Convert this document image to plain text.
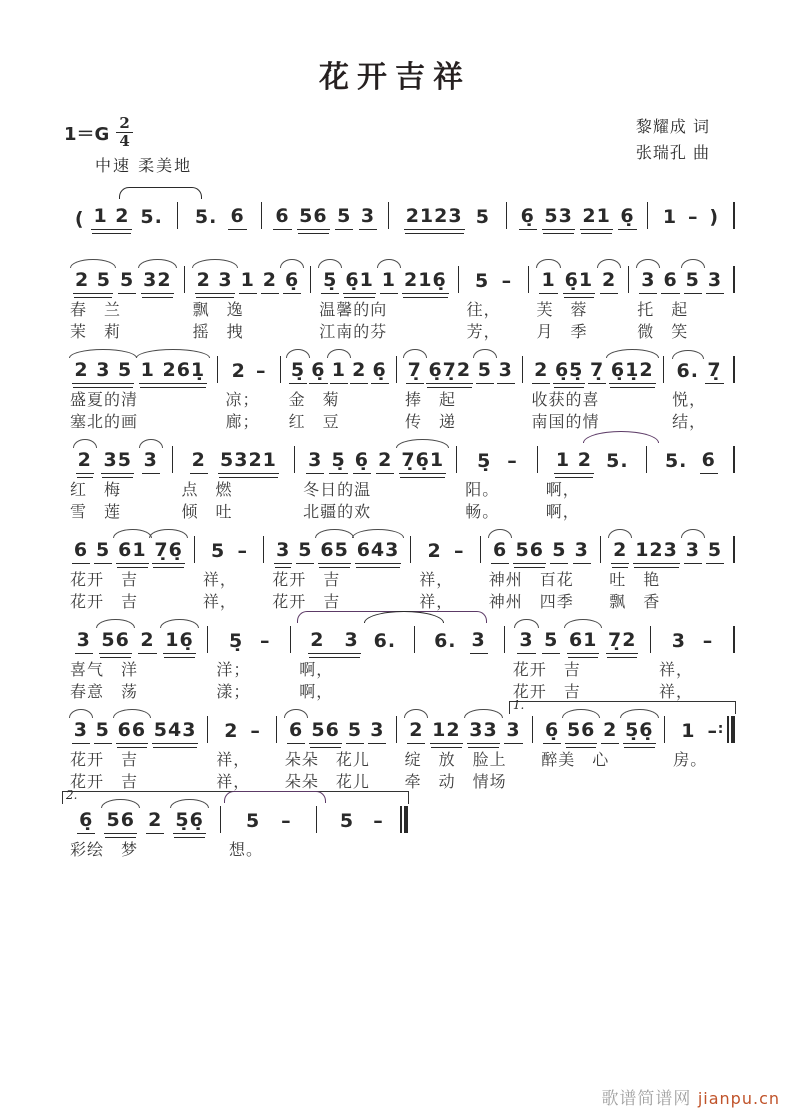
花开吉祥
$1=G \frac{2}{4}$
中速 柔美地
黎耀成 词
张瑞孔 曲
( 1 2 5. 5. 6 6 56 5 3 2123 5 6̣ 53 21 6̣ 1 – )
2 5 5 32
春　兰
茉　莉
2 3 1 2 6̣
飘　逸
摇　拽
5̣ 6̣1 1 216̣
温馨的向
江南的芬
5 –
往，
芳，
1 6̣1 2
芙　蓉
月　季
3 6 5 3
托　起
微　笑
2 3 5 1 261̣
盛夏的清
塞北的画
2 –
凉；
廊；
5̣ 6̣ 1 2 6̣
金　菊
红　豆
7̣ 6̣7̣2 5 3
捧　起
传　递
2 6̣5̣ 7̣ 6̣1̣2
收获的喜
南国的情
6. 7̣
悦，
结，
2 35 3
红　梅
雪　莲
2 5321
点　燃
倾　吐
3 5̣ 6̣ 2 7̣6̣1
冬日的温
北疆的欢
5̣ –
阳。
畅。
1 2 5.
啊，
啊，
5. 6
6 5 61 7̣6̣
花开　吉
花开　吉
5 –
祥，
祥，
3 5 65 643
花开　吉
花开　吉
2 –
祥，
祥，
6 56 5 3
神州　百花
神州　四季
2 123 3 5
吐　艳
飘　香
3 56 2 16̣
喜气　洋
春意　荡
5̣ –
洋；
漾；
2　3 6.
啊，
啊，
6. 3 3 5 61 7̣2
花开　吉
花开　吉
3 –
祥，
祥，
1.
3 5 66 543
花开　吉
花开　吉
2 –
祥，
祥，
6 56 5 3
朵朵　花儿
朵朵　花儿
2 12 33 3
绽　放　脸上
牵　动　情场
6̣ 56 2 5̣6̣
醉美　心
1 – :
房。
2.
6̣ 56 2 5̣6̣
彩绘　梦
5 –
想。
5 –
歌谱简谱网 jianpu.cn
